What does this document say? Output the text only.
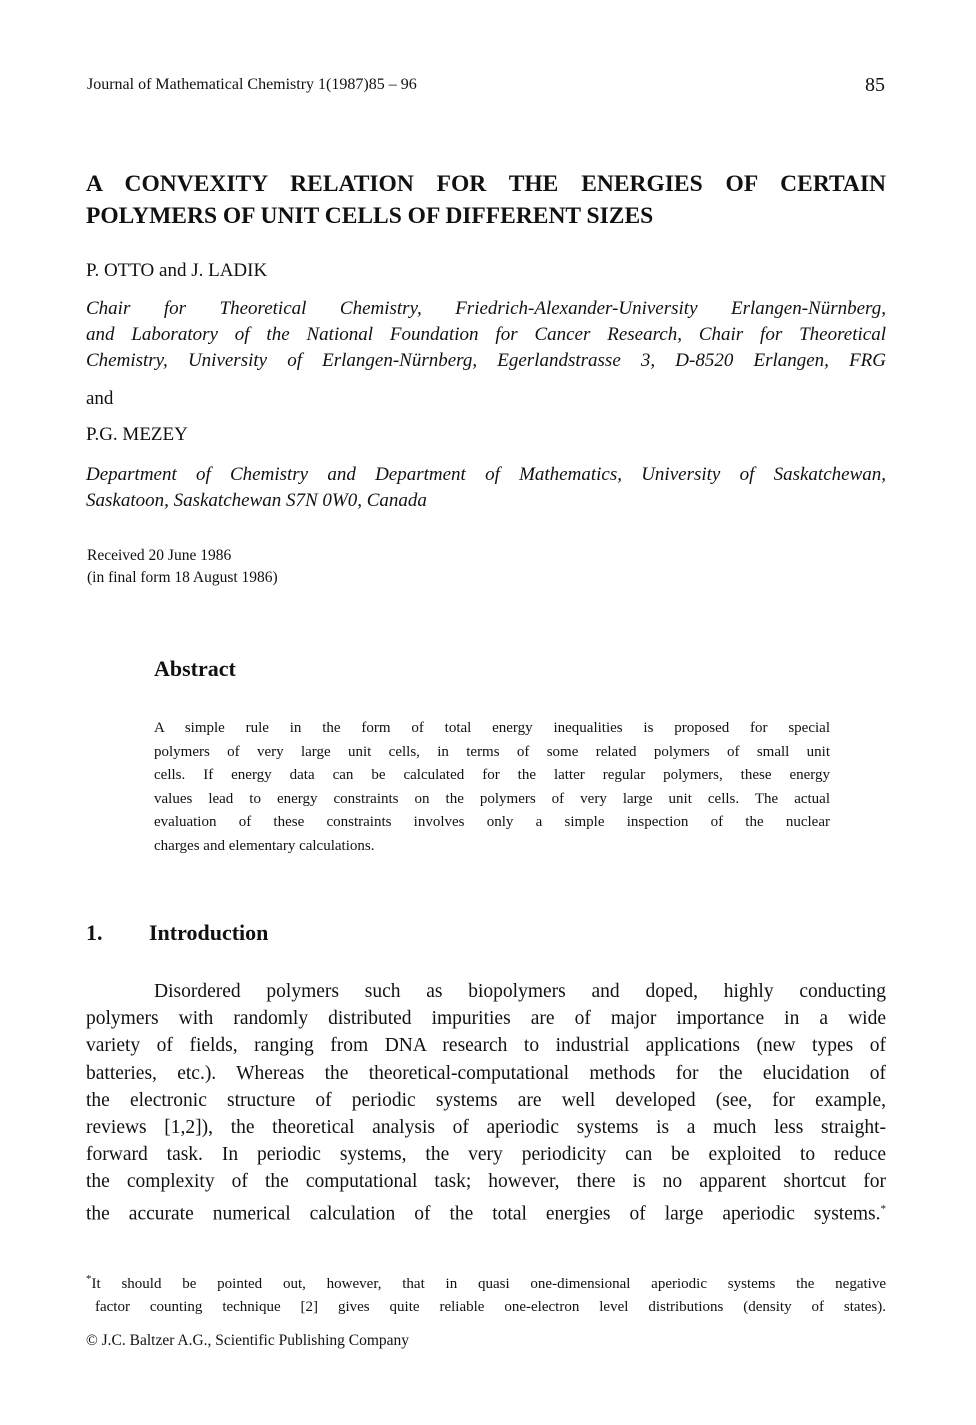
Journal of Mathematical Chemistry 1(1987)85 – 96	85
A CONVEXITY RELATION FOR THE ENERGIES OF CERTAIN
POLYMERS OF UNIT CELLS OF DIFFERENT SIZES
P. OTTO and J. LADIK
Chair for Theoretical Chemistry, Friedrich-Alexander-University Erlangen-Nürnberg,
and Laboratory of the National Foundation for Cancer Research, Chair for Theoretical
Chemistry, University of Erlangen-Nürnberg, Egerlandstrasse 3, D-8520 Erlangen, FRG
and
P.G. MEZEY
Department of Chemistry and Department of Mathematics, University of Saskatchewan,
Saskatoon, Saskatchewan S7N 0W0, Canada
Received 20 June 1986
(in final form 18 August 1986)
Abstract
A simple rule in the form of total energy inequalities is proposed for special
polymers of very large unit cells, in terms of some related polymers of small unit
cells. If energy data can be calculated for the latter regular polymers, these energy
values lead to energy constraints on the polymers of very large unit cells. The actual
evaluation of these constraints involves only a simple inspection of the nuclear
charges and elementary calculations.
1. Introduction
Disordered polymers such as biopolymers and doped, highly conducting
polymers with randomly distributed impurities are of major importance in a wide
variety of fields, ranging from DNA research to industrial applications (new types of
batteries, etc.). Whereas the theoretical-computational methods for the elucidation of
the electronic structure of periodic systems are well developed (see, for example,
reviews [1,2]), the theoretical analysis of aperiodic systems is a much less straight-
forward task. In periodic systems, the very periodicity can be exploited to reduce
the complexity of the computational task; however, there is no apparent shortcut for
the accurate numerical calculation of the total energies of large aperiodic systems.*
*It should be pointed out, however, that in quasi one-dimensional aperiodic systems the negative
factor counting technique [2] gives quite reliable one-electron level distributions (density of states).
© J.C. Baltzer A.G., Scientific Publishing Company
